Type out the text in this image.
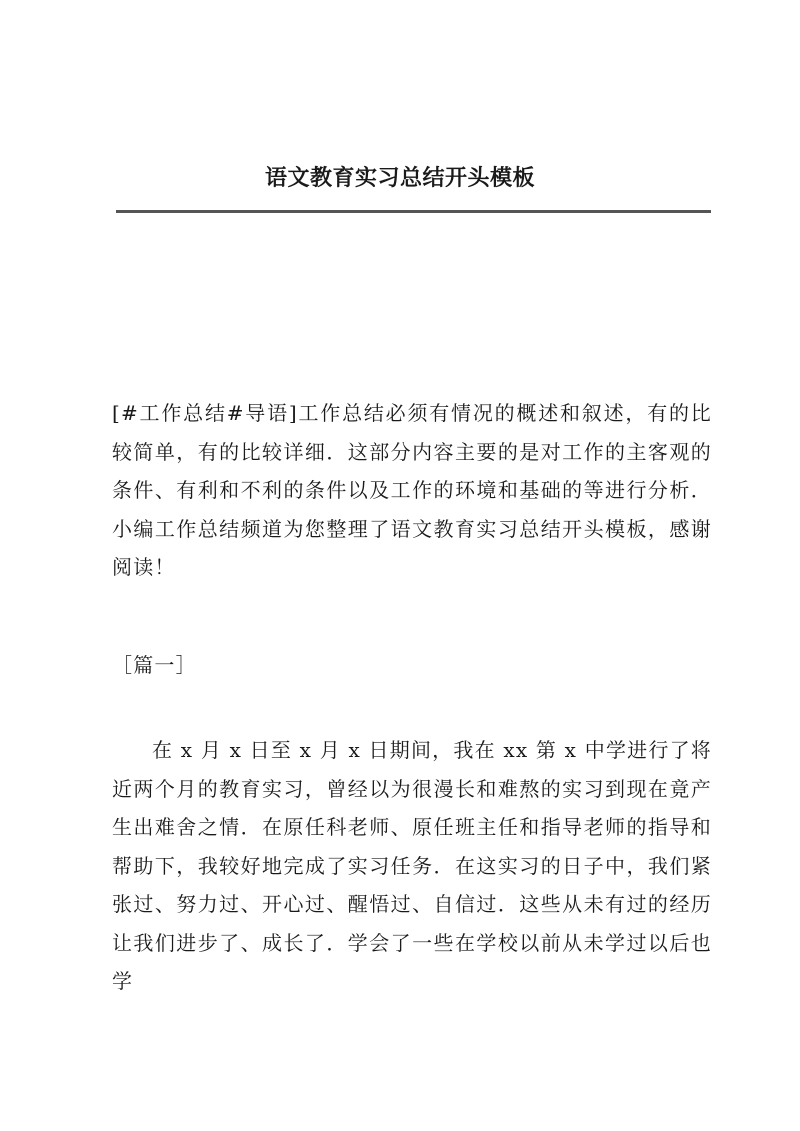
语文教育实习总结开头模板
[#工作总结#导语]工作总结必须有情况的概述和叙述，有的比较简单，有的比较详细．这部分内容主要的是对工作的主客观的条件、有利和不利的条件以及工作的环境和基础的等进行分析．小编工作总结频道为您整理了语文教育实习总结开头模板，感谢阅读！
［篇一］
在 x 月 x 日至 x 月 x 日期间，我在 xx 第 x 中学进行了将近两个月的教育实习，曾经以为很漫长和难熬的实习到现在竟产生出难舍之情．在原任科老师、原任班主任和指导老师的指导和帮助下，我较好地完成了实习任务．在这实习的日子中，我们紧张过、努力过、开心过、醒悟过、自信过．这些从未有过的经历让我们进步了、成长了．学会了一些在学校以前从未学过以后也学
